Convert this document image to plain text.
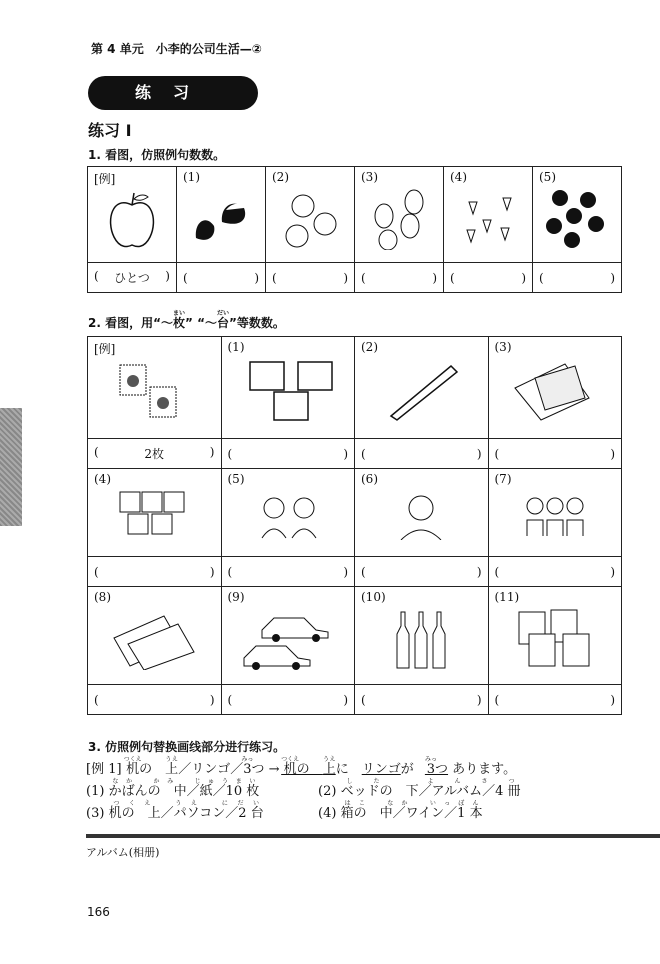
第 4 单元　小李的公司生活—②
练习
练习 I
1. 看图，仿照例句数数。
[例]	(1)	(2)	(3)	(4)	(5)

( ひとつ )	( )	( )	( )	( )	( )
2. 看图，用“～枚まい” “～台だい”等数数。
[例]	(1)	(2)	(3)

( 2枚 )	( )	( )	( )

(4)	(5)	(6)	(7)

( )	( )	( )	( )

(8)	(9)	(10)	(11)

( )	( )	( )	( )
3. 仿照例句替换画线部分进行练习。
[例 1] 机つくえの　上うえ／リンゴ／3みっつ → 机つくえの　上うえに　リンゴが　3みっつ あります。
(1) かばんの　中／紙／10 枚なか　かみ　じゅうまい
(2) ベッドの　下／アルバム／4 冊した　よんさつ
(3) 机の　上／パソコン／2 台つくえ　うえ　にだい
(4) 箱の　中／ワイン／1 本はこ　なか　いっぽん
アルバム(相册)
166
